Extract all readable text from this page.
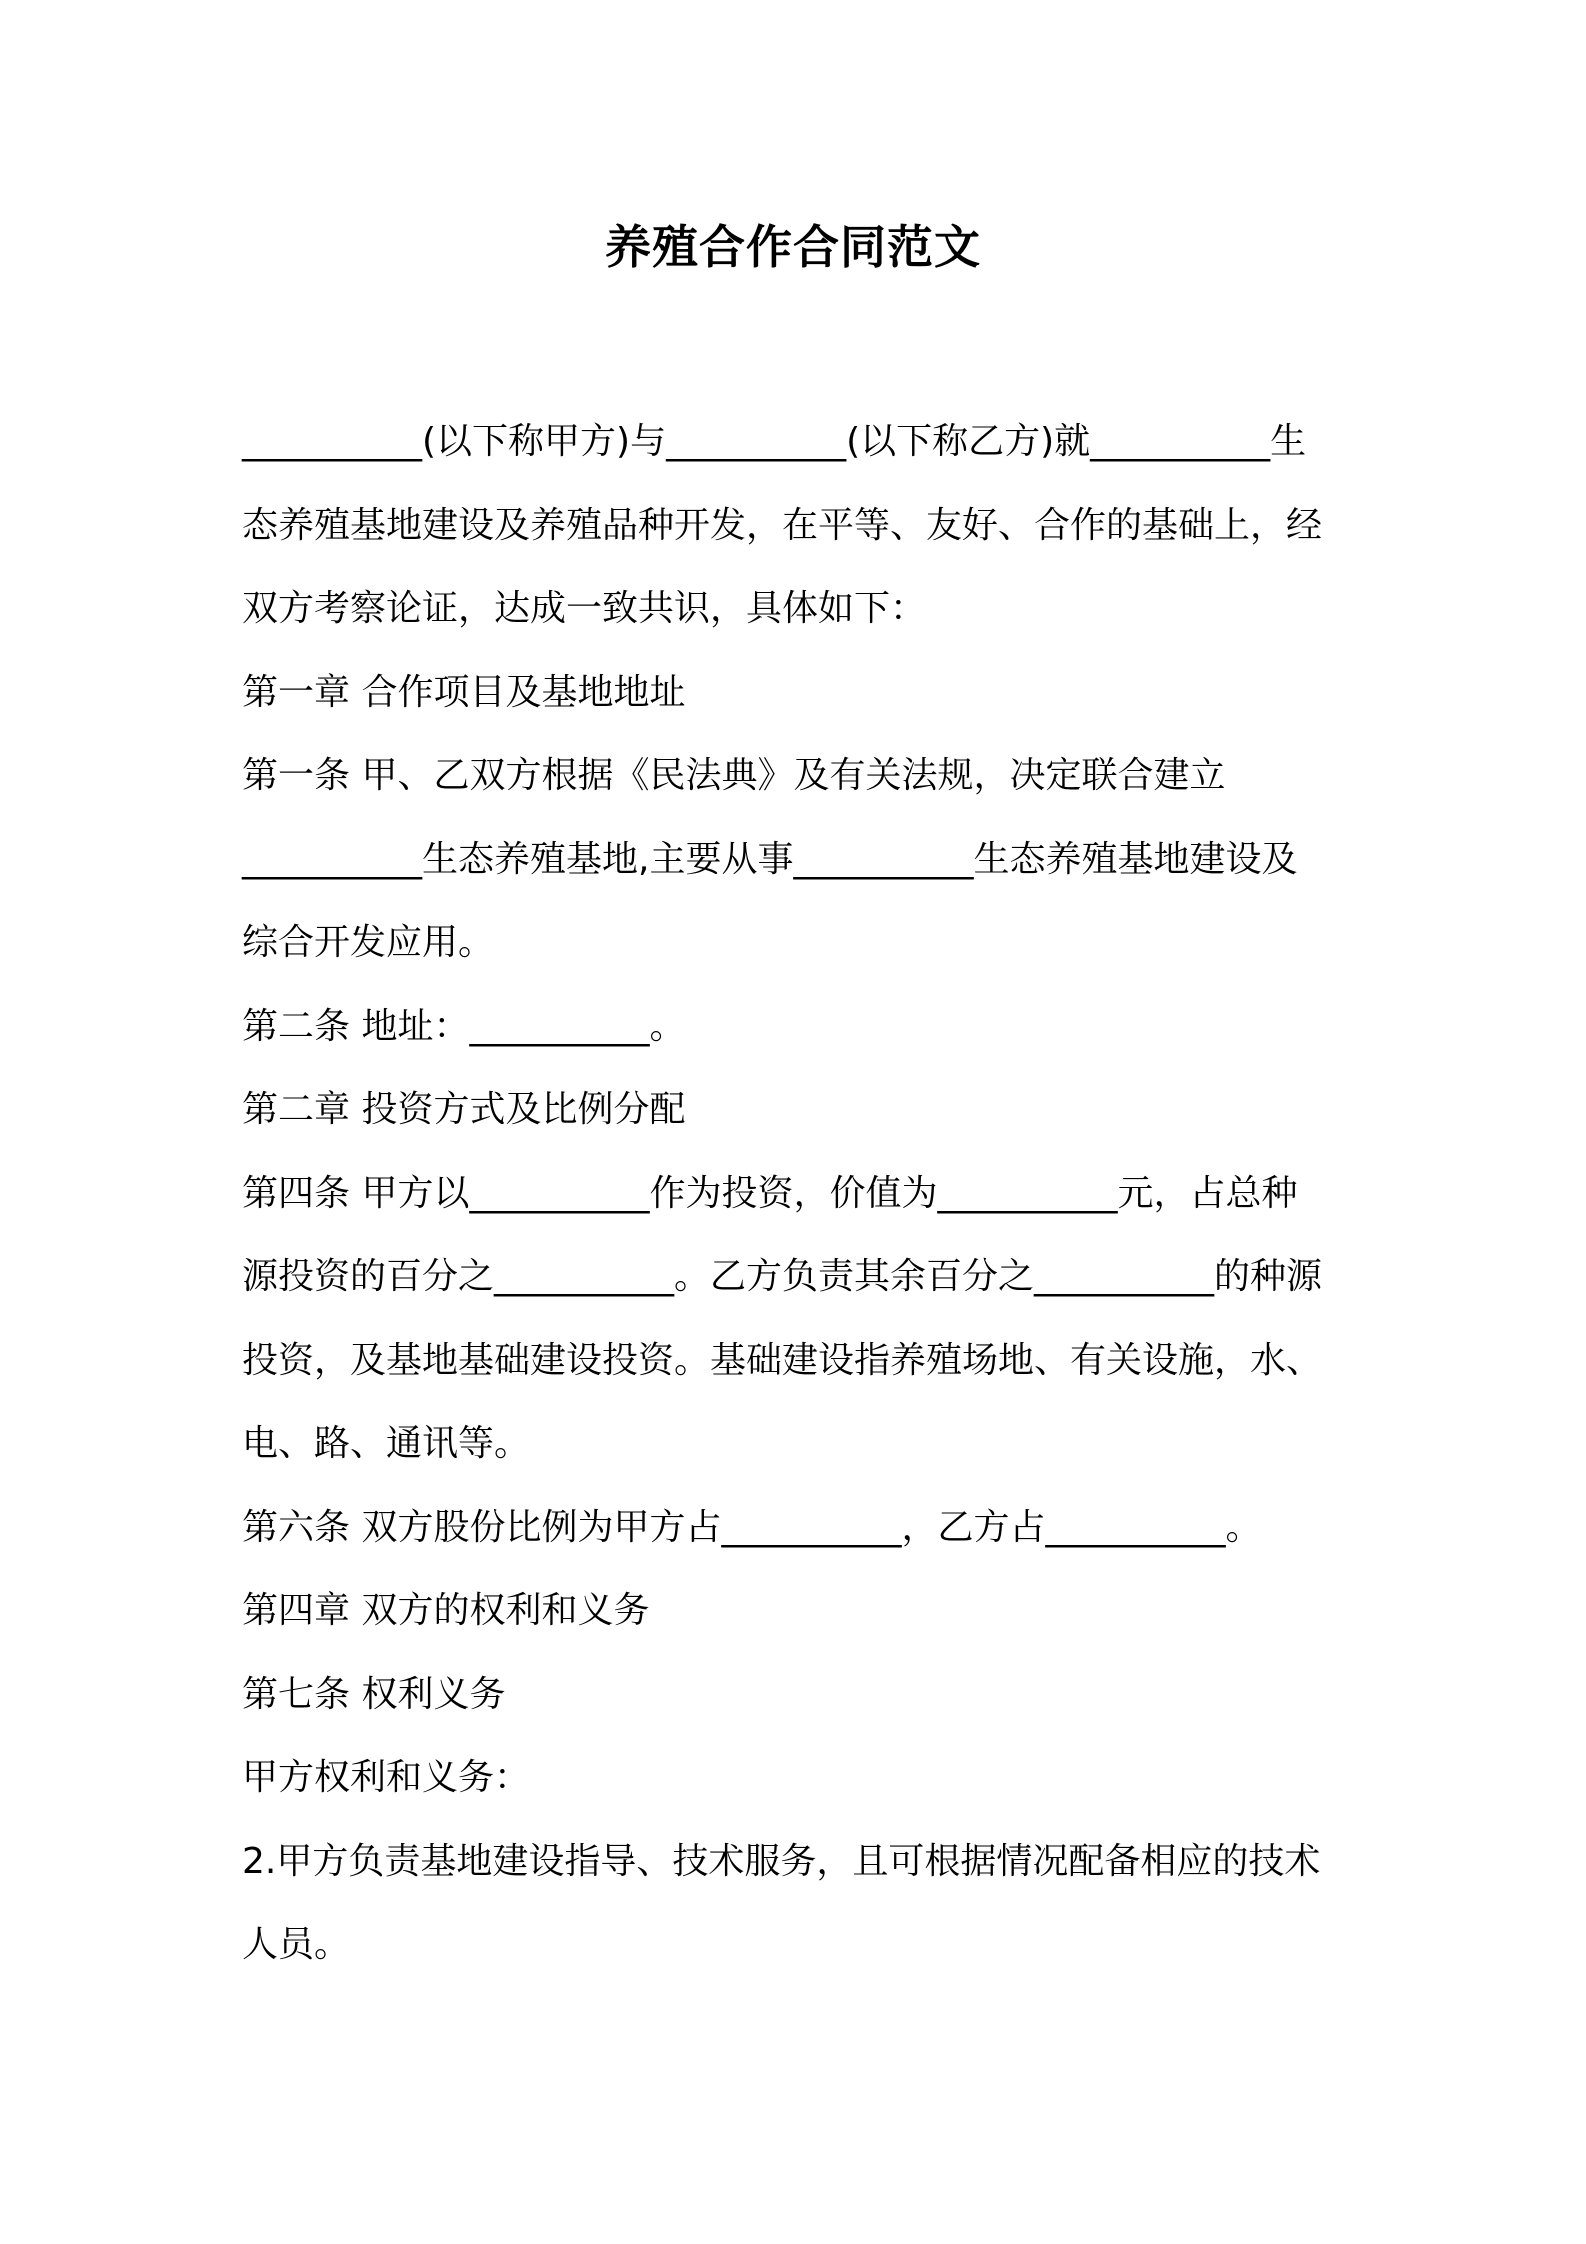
养殖合作合同范文

__________(以下称甲方)与__________(以下称乙方)就__________生
态养殖基地建设及养殖品种开发，在平等、友好、合作的基础上，经
双方考察论证，达成一致共识，具体如下：

第一章 合作项目及基地地址

第一条 甲、乙双方根据《民法典》及有关法规，决定联合建立
__________生态养殖基地,主要从事__________生态养殖基地建设及
综合开发应用。

第二条 地址：__________。

第二章 投资方式及比例分配

第四条 甲方以__________作为投资，价值为__________元，占总种
源投资的百分之__________。乙方负责其余百分之__________的种源
投资，及基地基础建设投资。基础建设指养殖场地、有关设施，水、
电、路、通讯等。

第六条 双方股份比例为甲方占__________，乙方占__________。

第四章 双方的权利和义务

第七条 权利义务

甲方权利和义务：

2.甲方负责基地建设指导、技术服务，且可根据情况配备相应的技术
人员。
